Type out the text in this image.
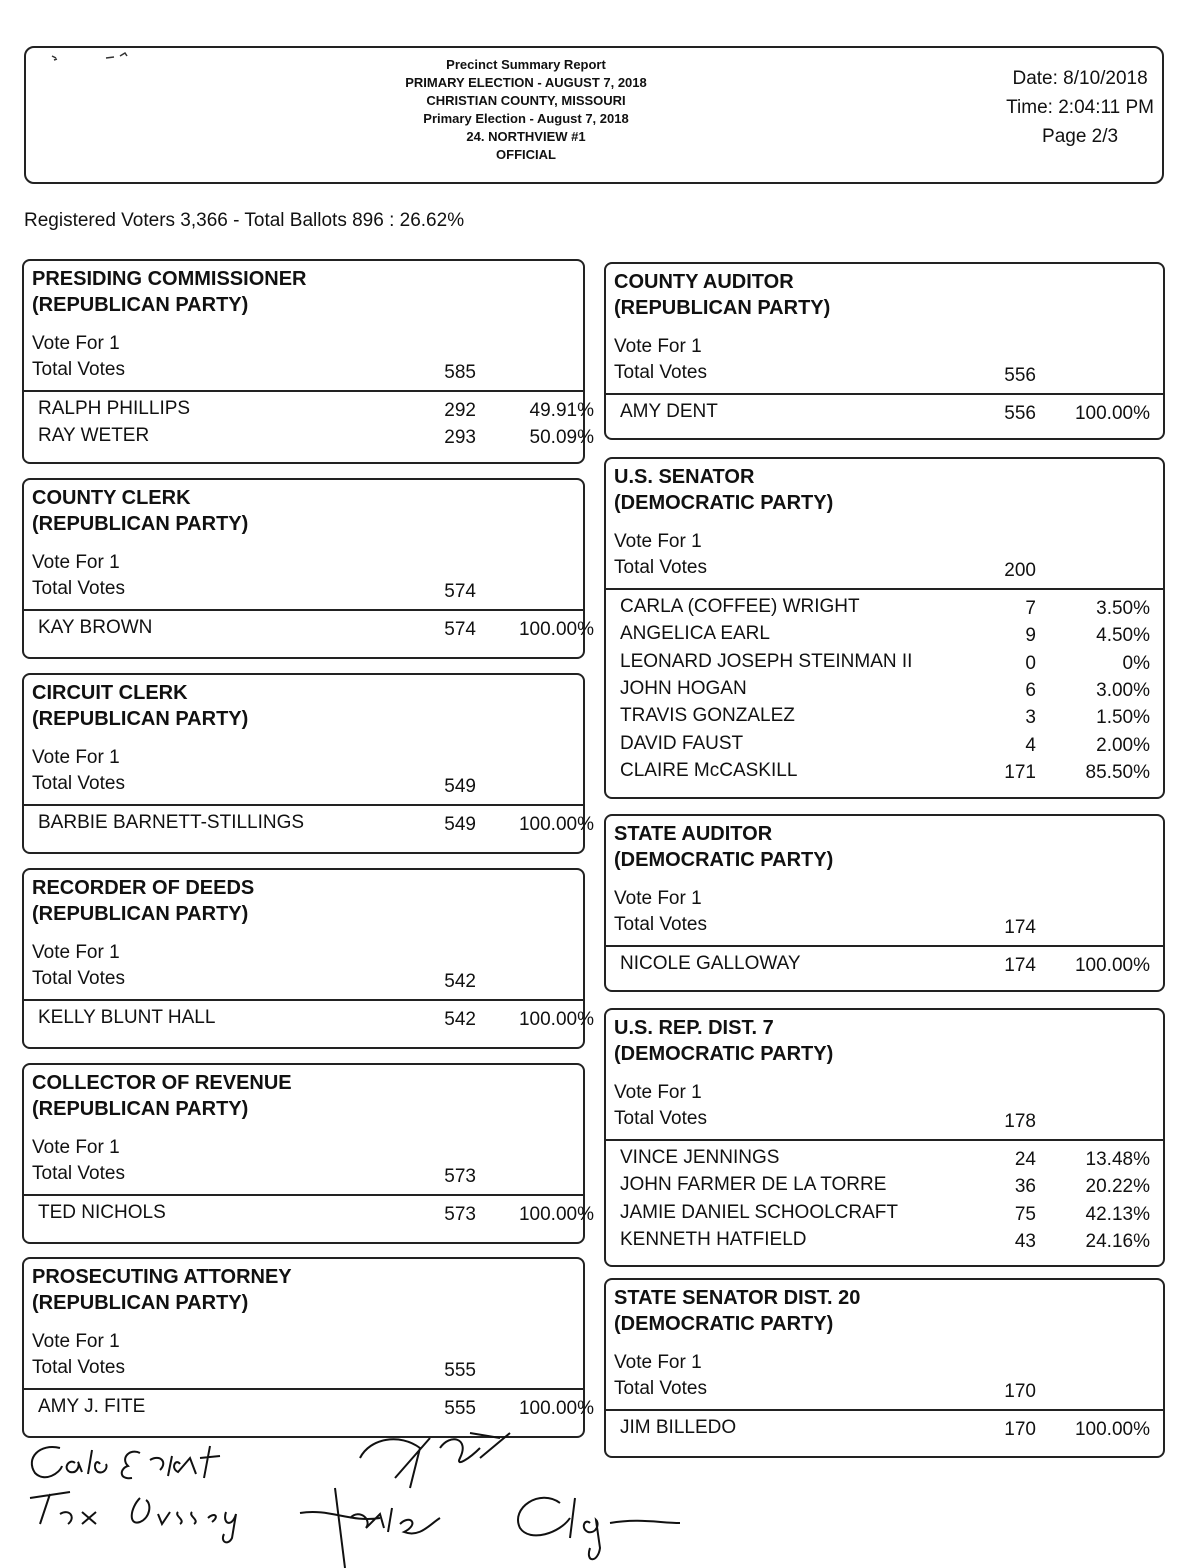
Precinct Summary Report
PRIMARY ELECTION - AUGUST 7, 2018
CHRISTIAN COUNTY, MISSOURI
Primary Election - August 7, 2018
24. NORTHVIEW #1
OFFICIAL
Date: 8/10/2018
Time: 2:04:11 PM
Page 2/3
Registered Voters 3,366 - Total Ballots 896 : 26.62%
PRESIDING COMMISSIONER
(REPUBLICAN PARTY)
Vote For 1
Total Votes	585
RALPH PHILLIPS	292	49.91%
RAY WETER	293	50.09%
COUNTY CLERK
(REPUBLICAN PARTY)
Vote For 1
Total Votes	574
KAY BROWN	574	100.00%
CIRCUIT CLERK
(REPUBLICAN PARTY)
Vote For 1
Total Votes	549
BARBIE BARNETT-STILLINGS	549	100.00%
RECORDER OF DEEDS
(REPUBLICAN PARTY)
Vote For 1
Total Votes	542
KELLY BLUNT HALL	542	100.00%
COLLECTOR OF REVENUE
(REPUBLICAN PARTY)
Vote For 1
Total Votes	573
TED NICHOLS	573	100.00%
PROSECUTING ATTORNEY
(REPUBLICAN PARTY)
Vote For 1
Total Votes	555
AMY J. FITE	555	100.00%
COUNTY AUDITOR
(REPUBLICAN PARTY)
Vote For 1
Total Votes	556
AMY DENT	556	100.00%
U.S. SENATOR
(DEMOCRATIC PARTY)
Vote For 1
Total Votes	200
CARLA (COFFEE) WRIGHT	7	3.50%
ANGELICA EARL	9	4.50%
LEONARD JOSEPH STEINMAN II	0	0%
JOHN HOGAN	6	3.00%
TRAVIS GONZALEZ	3	1.50%
DAVID FAUST	4	2.00%
CLAIRE McCASKILL	171	85.50%
STATE AUDITOR
(DEMOCRATIC PARTY)
Vote For 1
Total Votes	174
NICOLE GALLOWAY	174	100.00%
U.S. REP. DIST. 7
(DEMOCRATIC PARTY)
Vote For 1
Total Votes	178
VINCE JENNINGS	24	13.48%
JOHN FARMER DE LA TORRE	36	20.22%
JAMIE DANIEL SCHOOLCRAFT	75	42.13%
KENNETH HATFIELD	43	24.16%
STATE SENATOR DIST. 20
(DEMOCRATIC PARTY)
Vote For 1
Total Votes	170
JIM BILLEDO	170	100.00%
